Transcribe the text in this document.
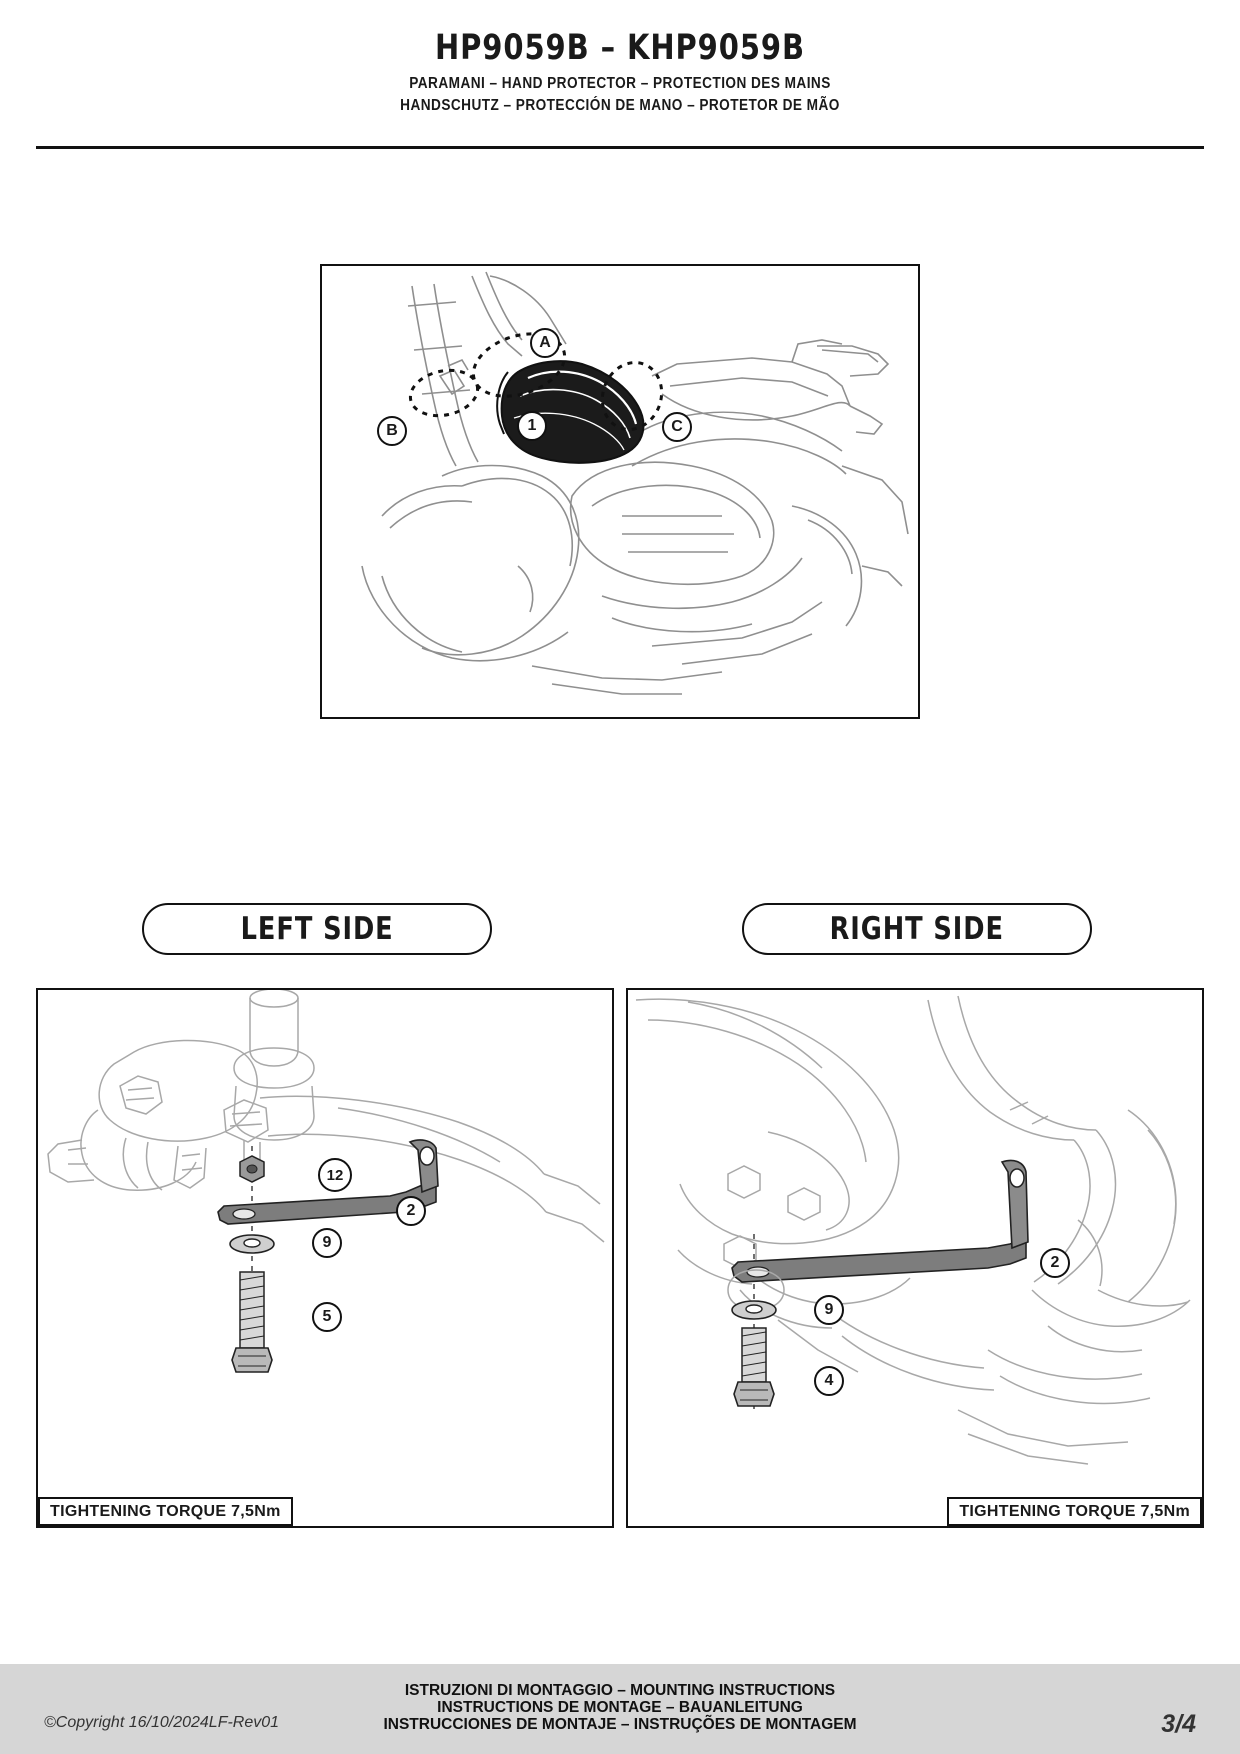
HP9059B – KHP9059B
PARAMANI – HAND PROTECTOR – PROTECTION DES MAINS
HANDSCHUTZ – PROTECCIÓN DE MANO – PROTETOR DE MÃO
A
B	C
1
LEFT SIDE	RIGHT SIDE
12
2
9
5
TIGHTENING TORQUE 7,5Nm
2
9
4
TIGHTENING TORQUE 7,5Nm
©Copyright 16/10/2024LF-Rev01
ISTRUZIONI DI MONTAGGIO – MOUNTING INSTRUCTIONS
INSTRUCTIONS DE MONTAGE – BAUANLEITUNG
INSTRUCCIONES DE MONTAJE – INSTRUÇÕES DE MONTAGEM	3/4
